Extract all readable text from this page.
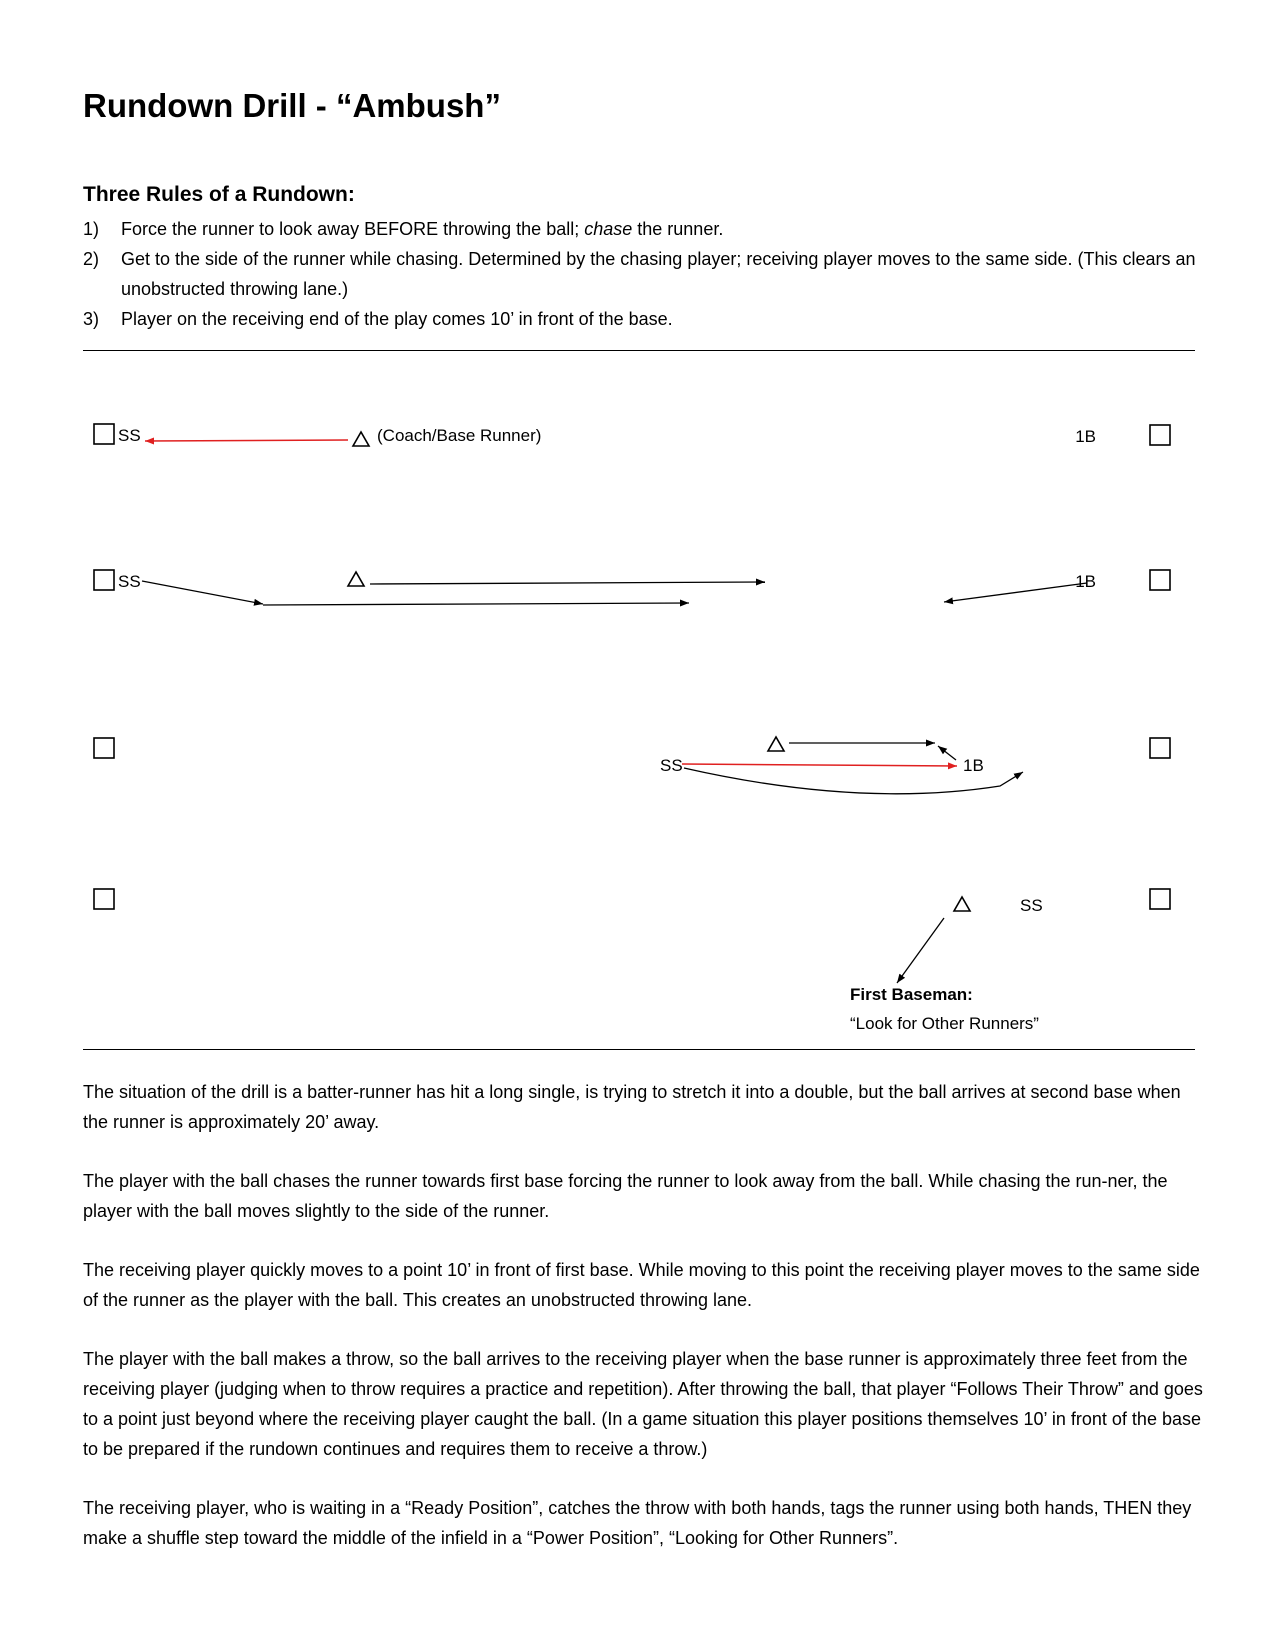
Rundown Drill - “Ambush”
Three Rules of a Rundown:
1) Force the runner to look away BEFORE throwing the ball; chase the runner.
2) Get to the side of the runner while chasing. Determined by the chasing player; receiving player moves to the same side. (This clears an unobstructed throwing lane.)
3) Player on the receiving end of the play comes 10’ in front of the base.
SS	(Coach/Base Runner)	1B
SS	1B
SS	1B
SS
First Baseman:
“Look for Other Runners”

The situation of the drill is a batter-runner has hit a long single, is trying to stretch it into a double, but the ball arrives at second base when the runner is approximately 20’ away.

The player with the ball chases the runner towards first base forcing the runner to look away from the ball. While chasing the run-ner, the player with the ball moves slightly to the side of the runner.

The receiving player quickly moves to a point 10’ in front of first base. While moving to this point the receiving player moves to the same side of the runner as the player with the ball. This creates an unobstructed throwing lane.

The player with the ball makes a throw, so the ball arrives to the receiving player when the base runner is approximately three feet from the receiving player (judging when to throw requires a practice and repetition). After throwing the ball, that player “Follows Their Throw” and goes to a point just beyond where the receiving player caught the ball. (In a game situation this player positions themselves 10’ in front of the base to be prepared if the rundown continues and requires them to receive a throw.)

The receiving player, who is waiting in a “Ready Position”, catches the throw with both hands, tags the runner using both hands, THEN they make a shuffle step toward the middle of the infield in a “Power Position”, “Looking for Other Runners”.
